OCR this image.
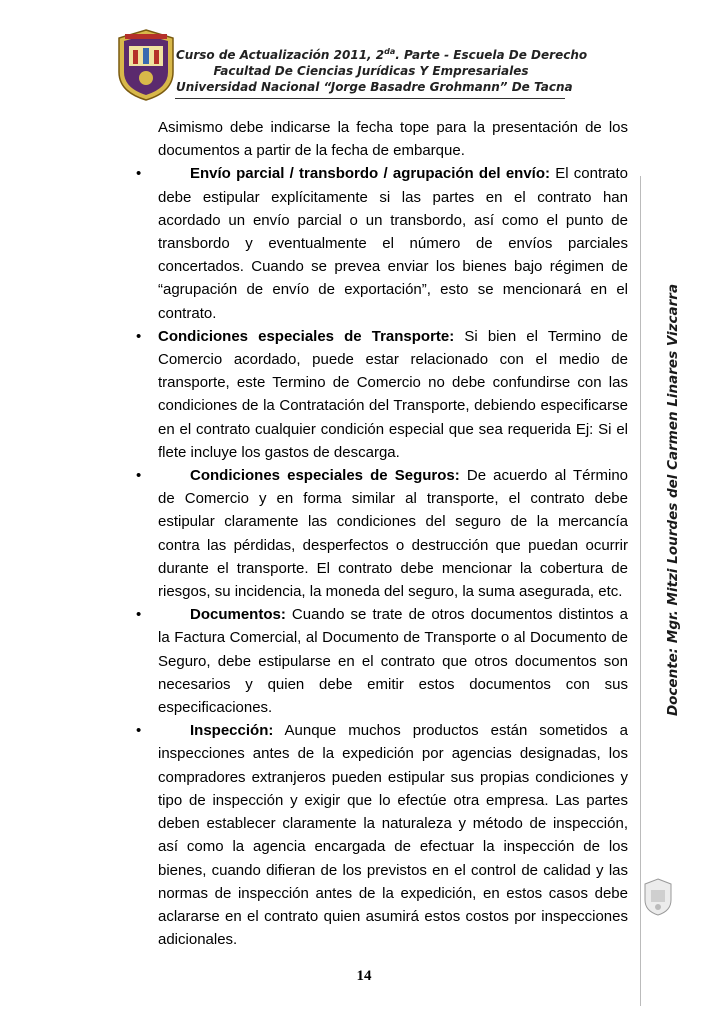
Curso de Actualización 2011, $2^{da}$. Parte - Escuela De Derecho
Facultad De Ciencias Jurídicas Y Empresariales
Universidad Nacional “Jorge Basadre Grohmann” De Tacna
Docente: Mgr. Mitzi Lourdes del Carmen Linares Vizcarra

Asimismo debe indicarse la fecha tope para la presentación de los documentos a partir de la fecha de embarque.

•	Envío parcial / transbordo / agrupación del envío: El contrato debe estipular explícitamente si las partes en el contrato han acordado un envío parcial o un transbordo, así como el punto de transbordo y eventualmente el número de envíos parciales concertados. Cuando se prevea enviar los bienes bajo régimen de “agrupación de envío de exportación”, esto se mencionará en el contrato.

• Condiciones especiales de Transporte: Si bien el Termino de Comercio acordado, puede estar relacionado con el medio de transporte, este Termino de Comercio no debe confundirse con las condiciones de la Contratación del Transporte, debiendo especificarse en el contrato cualquier condición especial que sea requerida Ej: Si el flete incluye los gastos de descarga.

•	Condiciones especiales de Seguros: De acuerdo al Término de Comercio y en forma similar al transporte, el contrato debe estipular claramente las condiciones del seguro de la mercancía contra las pérdidas, desperfectos o destrucción que puedan ocurrir durante el transporte. El contrato debe mencionar la cobertura de riesgos, su incidencia, la moneda del seguro, la suma asegurada, etc.

•	Documentos: Cuando se trate de otros documentos distintos a la Factura Comercial, al Documento de Transporte o al Documento de Seguro, debe estipularse en el contrato que otros documentos son necesarios y quien debe emitir estos documentos con sus especificaciones.

•	Inspección: Aunque muchos productos están sometidos a inspecciones antes de la expedición por agencias designadas, los compradores extranjeros pueden estipular sus propias condiciones y tipo de inspección y exigir que lo efectúe otra empresa. Las partes deben establecer claramente la naturaleza y método de inspección, así como la agencia encargada de efectuar la inspección de los bienes, cuando difieran de los previstos en el control de calidad y las normas de inspección antes de la expedición, en estos casos debe aclararse en el contrato quien asumirá estos costos por inspecciones adicionales.

14
